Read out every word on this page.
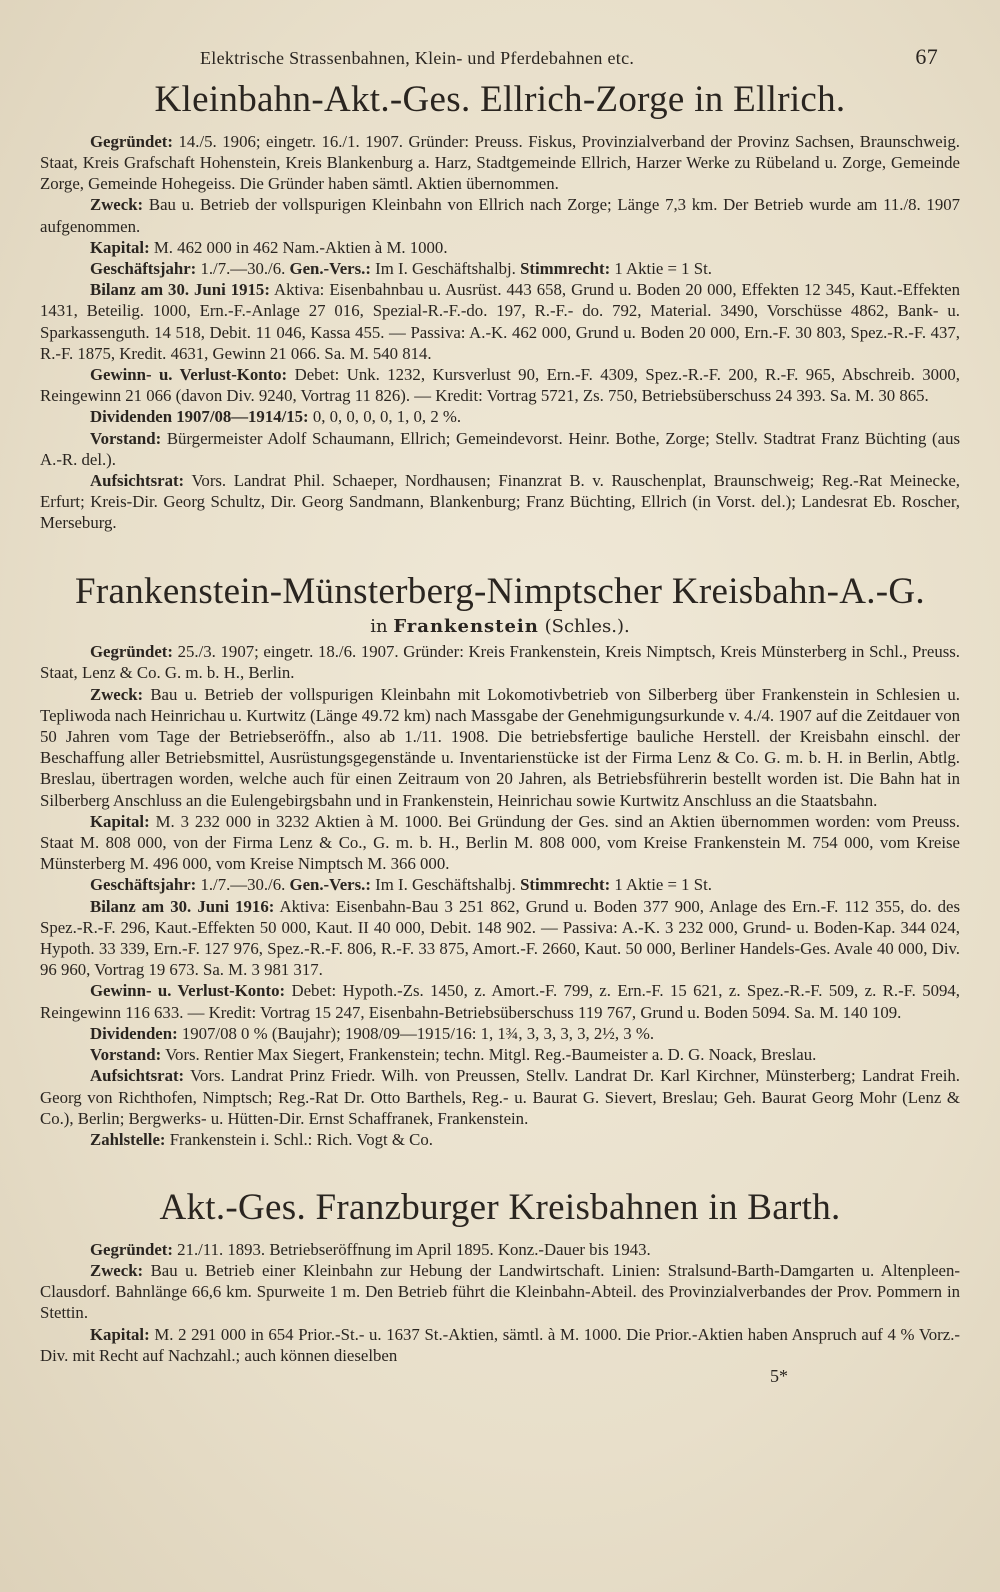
Elektrische Strassenbahnen, Klein- und Pferdebahnen etc.	67
Kleinbahn-Akt.-Ges. Ellrich-Zorge in Ellrich.

Gegründet: 14./5. 1906; eingetr. 16./1. 1907. Gründer: Preuss. Fiskus, Provinzialverband der Provinz Sachsen, Braunschweig. Staat, Kreis Grafschaft Hohenstein, Kreis Blankenburg a. Harz, Stadtgemeinde Ellrich, Harzer Werke zu Rübeland u. Zorge, Gemeinde Zorge, Gemeinde Hohegeiss. Die Gründer haben sämtl. Aktien übernommen.

Zweck: Bau u. Betrieb der vollspurigen Kleinbahn von Ellrich nach Zorge; Länge 7,3 km. Der Betrieb wurde am 11./8. 1907 aufgenommen.

Kapital: M. 462 000 in 462 Nam.-Aktien à M. 1000.

Geschäftsjahr: 1./7.—30./6. Gen.-Vers.: Im I. Geschäftshalbj. Stimmrecht: 1 Aktie = 1 St.

Bilanz am 30. Juni 1915: Aktiva: Eisenbahnbau u. Ausrüst. 443 658, Grund u. Boden 20 000, Effekten 12 345, Kaut.-Effekten 1431, Beteilig. 1000, Ern.-F.-Anlage 27 016, Spezial-R.-F.-do. 197, R.-F.- do. 792, Material. 3490, Vorschüsse 4862, Bank- u. Sparkassenguth. 14 518, Debit. 11 046, Kassa 455. — Passiva: A.-K. 462 000, Grund u. Boden 20 000, Ern.-F. 30 803, Spez.-R.-F. 437, R.-F. 1875, Kredit. 4631, Gewinn 21 066. Sa. M. 540 814.

Gewinn- u. Verlust-Konto: Debet: Unk. 1232, Kursverlust 90, Ern.-F. 4309, Spez.-R.-F. 200, R.-F. 965, Abschreib. 3000, Reingewinn 21 066 (davon Div. 9240, Vortrag 11 826). — Kredit: Vortrag 5721, Zs. 750, Betriebsüberschuss 24 393. Sa. M. 30 865.

Dividenden 1907/08—1914/15: 0, 0, 0, 0, 0, 1, 0, 2 %.

Vorstand: Bürgermeister Adolf Schaumann, Ellrich; Gemeindevorst. Heinr. Bothe, Zorge; Stellv. Stadtrat Franz Büchting (aus A.-R. del.).

Aufsichtsrat: Vors. Landrat Phil. Schaeper, Nordhausen; Finanzrat B. v. Rauschenplat, Braunschweig; Reg.-Rat Meinecke, Erfurt; Kreis-Dir. Georg Schultz, Dir. Georg Sandmann, Blankenburg; Franz Büchting, Ellrich (in Vorst. del.); Landesrat Eb. Roscher, Merseburg.

Frankenstein-Münsterberg-Nimptscher Kreisbahn-A.-G.
in Frankenstein (Schles.).

Gegründet: 25./3. 1907; eingetr. 18./6. 1907. Gründer: Kreis Frankenstein, Kreis Nimptsch, Kreis Münsterberg in Schl., Preuss. Staat, Lenz & Co. G. m. b. H., Berlin.

Zweck: Bau u. Betrieb der vollspurigen Kleinbahn mit Lokomotivbetrieb von Silberberg über Frankenstein in Schlesien u. Tepliwoda nach Heinrichau u. Kurtwitz (Länge 49.72 km) nach Massgabe der Genehmigungsurkunde v. 4./4. 1907 auf die Zeitdauer von 50 Jahren vom Tage der Betriebseröffn., also ab 1./11. 1908. Die betriebsfertige bauliche Herstell. der Kreisbahn einschl. der Beschaffung aller Betriebsmittel, Ausrüstungsgegenstände u. Inventarienstücke ist der Firma Lenz & Co. G. m. b. H. in Berlin, Abtlg. Breslau, übertragen worden, welche auch für einen Zeitraum von 20 Jahren, als Betriebsführerin bestellt worden ist. Die Bahn hat in Silberberg Anschluss an die Eulengebirgsbahn und in Frankenstein, Heinrichau sowie Kurtwitz Anschluss an die Staatsbahn.

Kapital: M. 3 232 000 in 3232 Aktien à M. 1000. Bei Gründung der Ges. sind an Aktien übernommen worden: vom Preuss. Staat M. 808 000, von der Firma Lenz & Co., G. m. b. H., Berlin M. 808 000, vom Kreise Frankenstein M. 754 000, vom Kreise Münsterberg M. 496 000, vom Kreise Nimptsch M. 366 000.

Geschäftsjahr: 1./7.—30./6. Gen.-Vers.: Im I. Geschäftshalbj. Stimmrecht: 1 Aktie = 1 St.

Bilanz am 30. Juni 1916: Aktiva: Eisenbahn-Bau 3 251 862, Grund u. Boden 377 900, Anlage des Ern.-F. 112 355, do. des Spez.-R.-F. 296, Kaut.-Effekten 50 000, Kaut. II 40 000, Debit. 148 902. — Passiva: A.-K. 3 232 000, Grund- u. Boden-Kap. 344 024, Hypoth. 33 339, Ern.-F. 127 976, Spez.-R.-F. 806, R.-F. 33 875, Amort.-F. 2660, Kaut. 50 000, Berliner Handels-Ges. Avale 40 000, Div. 96 960, Vortrag 19 673. Sa. M. 3 981 317.

Gewinn- u. Verlust-Konto: Debet: Hypoth.-Zs. 1450, z. Amort.-F. 799, z. Ern.-F. 15 621, z. Spez.-R.-F. 509, z. R.-F. 5094, Reingewinn 116 633. — Kredit: Vortrag 15 247, Eisenbahn-Betriebsüberschuss 119 767, Grund u. Boden 5094. Sa. M. 140 109.

Dividenden: 1907/08 0 % (Baujahr); 1908/09—1915/16: 1, 1¾, 3, 3, 3, 3, 2½, 3 %.

Vorstand: Vors. Rentier Max Siegert, Frankenstein; techn. Mitgl. Reg.-Baumeister a. D. G. Noack, Breslau.

Aufsichtsrat: Vors. Landrat Prinz Friedr. Wilh. von Preussen, Stellv. Landrat Dr. Karl Kirchner, Münsterberg; Landrat Freih. Georg von Richthofen, Nimptsch; Reg.-Rat Dr. Otto Barthels, Reg.- u. Baurat G. Sievert, Breslau; Geh. Baurat Georg Mohr (Lenz & Co.), Berlin; Bergwerks- u. Hütten-Dir. Ernst Schaffranek, Frankenstein.

Zahlstelle: Frankenstein i. Schl.: Rich. Vogt & Co.

Akt.-Ges. Franzburger Kreisbahnen in Barth.

Gegründet: 21./11. 1893. Betriebseröffnung im April 1895. Konz.-Dauer bis 1943.

Zweck: Bau u. Betrieb einer Kleinbahn zur Hebung der Landwirtschaft. Linien: Stralsund-Barth-Damgarten u. Altenpleen-Clausdorf. Bahnlänge 66,6 km. Spurweite 1 m. Den Betrieb führt die Kleinbahn-Abteil. des Provinzialverbandes der Prov. Pommern in Stettin.

Kapital: M. 2 291 000 in 654 Prior.-St.- u. 1637 St.-Aktien, sämtl. à M. 1000. Die Prior.-Aktien haben Anspruch auf 4 % Vorz.-Div. mit Recht auf Nachzahl.; auch können dieselben

5*
